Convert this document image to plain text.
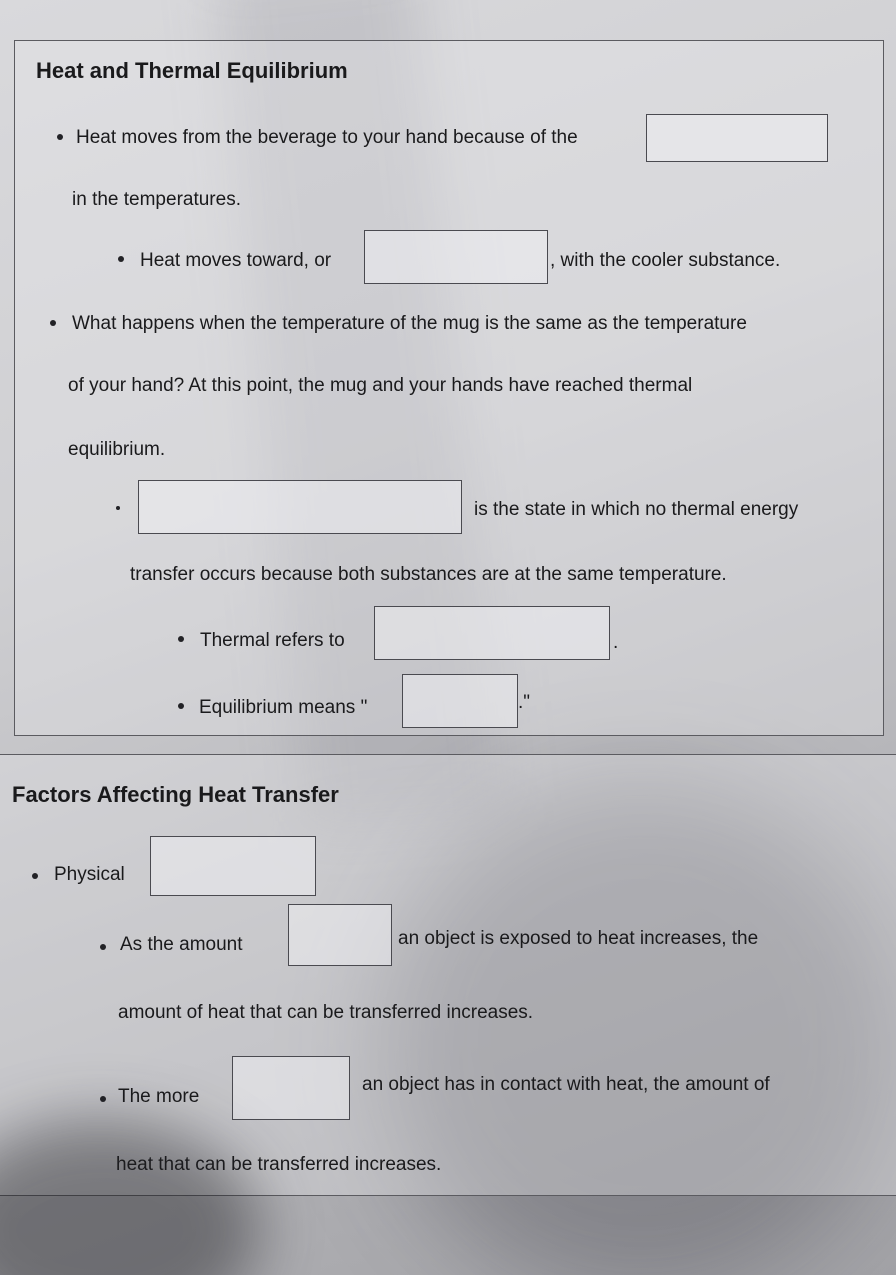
Heat and Thermal Equilibrium
Heat moves from the beverage to your hand because of the
in the temperatures.
Heat moves toward, or	, with the cooler substance.
What happens when the temperature of the mug is the same as the temperature
of your hand? At this point, the mug and your hands have reached thermal
equilibrium.
is the state in which no thermal energy
transfer occurs because both substances are at the same temperature.
Thermal refers to	.
Equilibrium means "	."
Factors Affecting Heat Transfer
Physical
As the amount	an object is exposed to heat increases, the
amount of heat that can be transferred increases.
The more
an object has in contact with heat, the amount of
heat that can be transferred increases.
